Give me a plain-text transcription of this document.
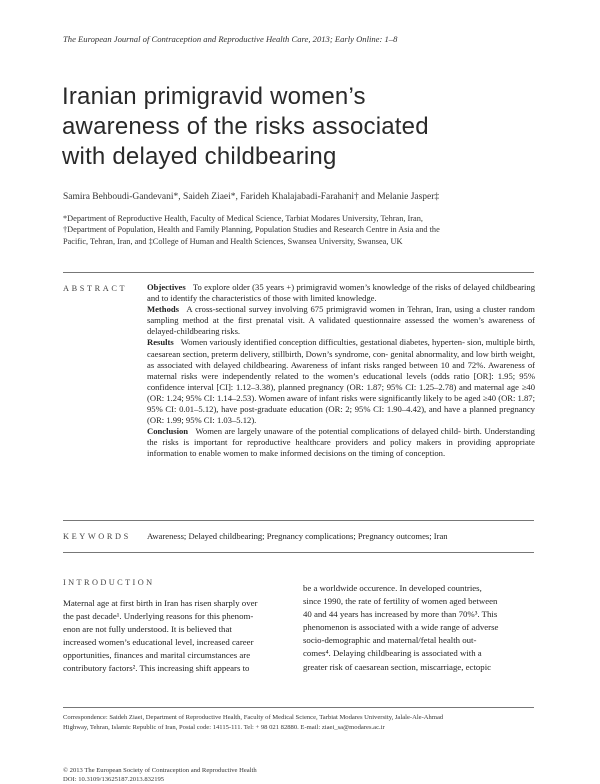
The European Journal of Contraception and Reproductive Health Care, 2013; Early Online: 1–8
Iranian primigravid women’s
awareness of the risks associated
with delayed childbearing
Samira Behboudi-Gandevani*, Saideh Ziaei*, Farideh Khalajabadi-Farahani† and Melanie Jasper‡
*Department of Reproductive Health, Faculty of Medical Science, Tarbiat Modares University, Tehran, Iran,
†Department of Population, Health and Family Planning, Population Studies and Research Centre in Asia and the
Pacific, Tehran, Iran, and ‡College of Human and Health Sciences, Swansea University, Swansea, UK
ABSTRACT Objectives To explore older (35 years +) primigravid women’s knowledge of the risks of delayed childbearing and to identify the characteristics of those with limited knowledge.

Methods A cross-sectional survey involving 675 primigravid women in Tehran, Iran, using a cluster random sampling method at the first prenatal visit. A validated questionnaire assessed the women’s awareness of delayed-childbearing risks.

Results Women variously identified conception difficulties, gestational diabetes, hyperten- sion, multiple birth, caesarean section, preterm delivery, stillbirth, Down’s syndrome, con- genital abnormality, and low birth weight, as associated with delayed childbearing. Awareness of infant risks ranged between 10 and 72%. Awareness of maternal risks were independently related to the women’s educational levels (odds ratio [OR]: 1.95; 95% confidence interval [CI]: 1.12–3.38), planned pregnancy (OR: 1.87; 95% CI: 1.25–2.78) and maternal age ≥40 (OR: 1.24; 95% CI: 1.14–2.53). Women aware of infant risks were significantly likely to be aged ≥40 (OR: 1.87; 95% CI: 0.01–5.12), have post-graduate education (OR: 2; 95% CI: 1.90–4.42), and have a planned pregnancy (OR: 1.99; 95% CI: 1.03–5.12).

Conclusion Women are largely unaware of the potential complications of delayed child- birth. Understanding the risks is important for reproductive healthcare providers and policy makers in providing appropriate information to enable women to make informed decisions on the timing of conception.

KEYWORDS Awareness; Delayed childbearing; Pregnancy complications; Pregnancy outcomes; Iran
INTRODUCTION
Maternal age at first birth in Iran has risen sharply over
the past decade¹. Underlying reasons for this phenom-
enon are not fully understood. It is believed that
increased women’s educational level, increased career
opportunities, finances and marital circumstances are
contributory factors². This increasing shift appears to
be a worldwide occurence. In developed countries,
since 1990, the rate of fertility of women aged between
40 and 44 years has increased by more than 70%³. This
phenomenon is associated with a wide range of adverse
socio-demographic and maternal/fetal health out-
comes⁴. Delaying childbearing is associated with a
greater risk of caesarean section, miscarriage, ectopic
Correspondence: Saideh Ziaei, Department of Reproductive Health, Faculty of Medical Science, Tarbiat Modares University, Jalale-Ale-Ahmad
Highway, Tehran, Islamic Republic of Iran, Postal code: 14115-111. Tel: + 98 021 82880. E-mail: ziaei_sa@modares.ac.ir
© 2013 The European Society of Contraception and Reproductive Health
DOI: 10.3109/13625187.2013.832195
